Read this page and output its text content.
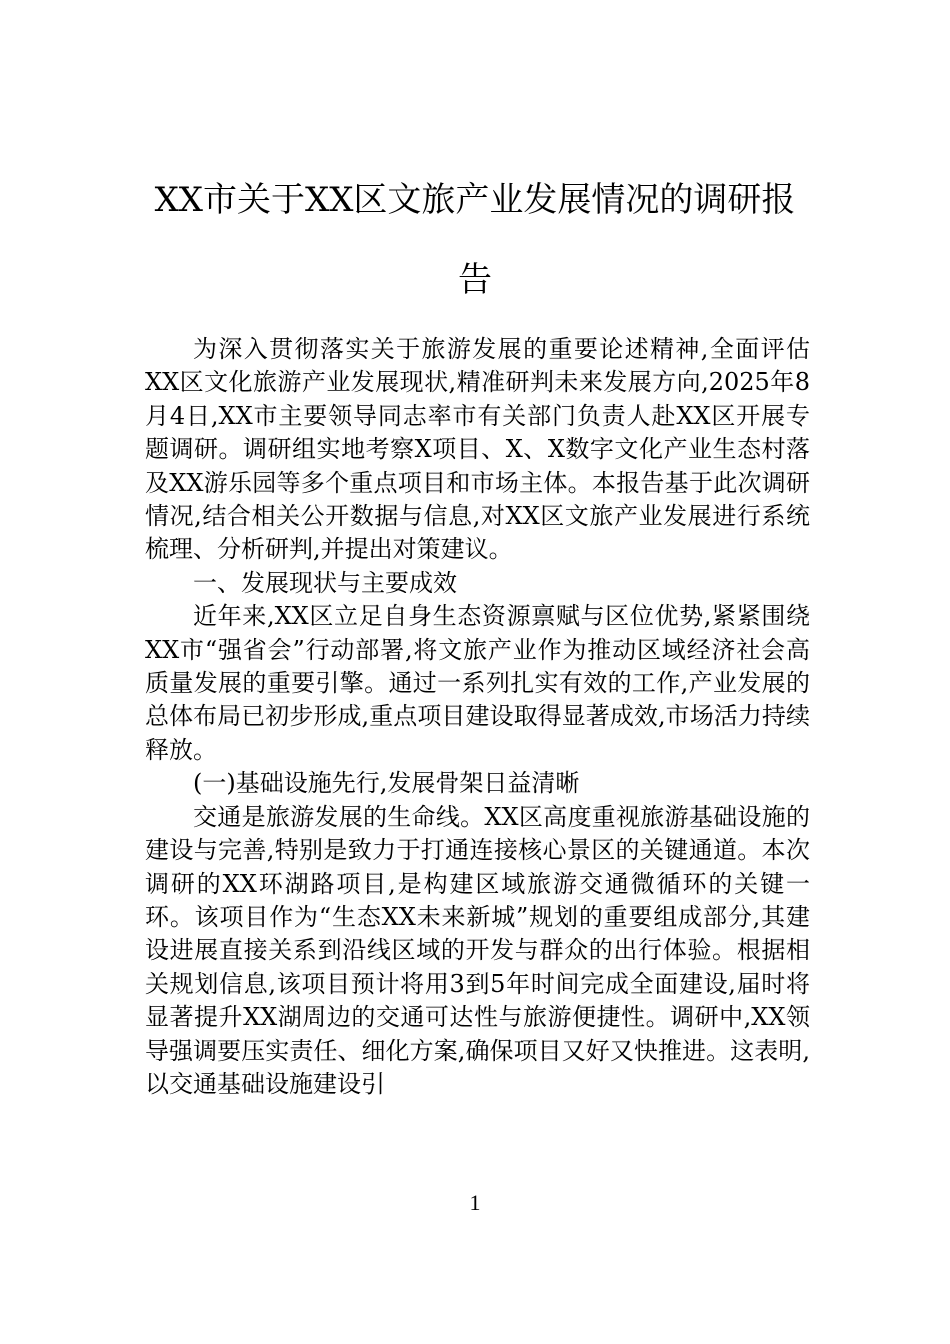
XX市关于XX区文旅产业发展情况的调研报告

为深入贯彻落实关于旅游发展的重要论述精神,全面评估XX区文化旅游产业发展现状,精准研判未来发展方向,2025年8月4日,XX市主要领导同志率市有关部门负责人赴XX区开展专题调研。调研组实地考察X项目、X、X数字文化产业生态村落及XX游乐园等多个重点项目和市场主体。本报告基于此次调研情况,结合相关公开数据与信息,对XX区文旅产业发展进行系统梳理、分析研判,并提出对策建议。

一、发展现状与主要成效

近年来,XX区立足自身生态资源禀赋与区位优势,紧紧围绕XX市“强省会”行动部署,将文旅产业作为推动区域经济社会高质量发展的重要引擎。通过一系列扎实有效的工作,产业发展的总体布局已初步形成,重点项目建设取得显著成效,市场活力持续释放。

(一)基础设施先行,发展骨架日益清晰

交通是旅游发展的生命线。XX区高度重视旅游基础设施的建设与完善,特别是致力于打通连接核心景区的关键通道。本次调研的XX环湖路项目,是构建区域旅游交通微循环的关键一环。该项目作为“生态XX未来新城”规划的重要组成部分,其建设进展直接关系到沿线区域的开发与群众的出行体验。根据相关规划信息,该项目预计将用3到5年时间完成全面建设,届时将显著提升XX湖周边的交通可达性与旅游便捷性。调研中,XX领导强调要压实责任、细化方案,确保项目又好又快推进。这表明,以交通基础设施建设引

1
